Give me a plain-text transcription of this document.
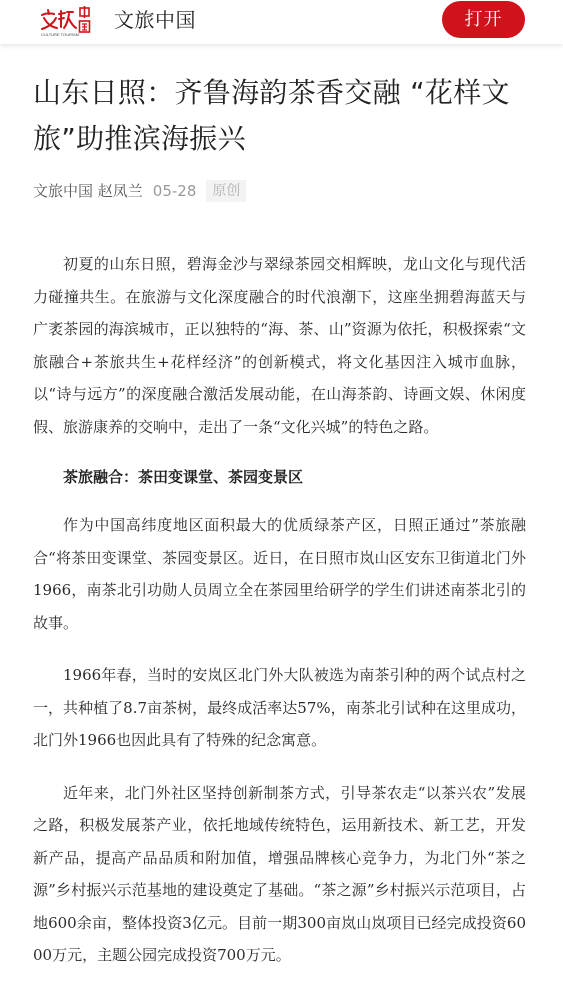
CULTURE TOURISM
文旅中国	打开
山东日照：齐鲁海韵茶香交融 “花样文旅”助推滨海振兴
文旅中国 赵凤兰 05-28 原创

初夏的山东日照，碧海金沙与翠绿茶园交相辉映，龙山文化与现代活力碰撞共生。在旅游与文化深度融合的时代浪潮下，这座坐拥碧海蓝天与广袤茶园的海滨城市，正以独特的“海、茶、山”资源为依托，积极探索“文旅融合+茶旅共生+花样经济”的创新模式，将文化基因注入城市血脉，以“诗与远方”的深度融合激活发展动能，在山海茶韵、诗画文娱、休闲度假、旅游康养的交响中，走出了一条“文化兴城”的特色之路。

茶旅融合：茶田变课堂、茶园变景区

作为中国高纬度地区面积最大的优质绿茶产区，日照正通过”茶旅融合“将茶田变课堂、茶园变景区。近日，在日照市岚山区安东卫街道北门外1966，南茶北引功勋人员周立全在茶园里给研学的学生们讲述南茶北引的故事。

1966年春，当时的安岚区北门外大队被选为南茶引种的两个试点村之一，共种植了8.7亩茶树，最终成活率达57%，南茶北引试种在这里成功，北门外1966也因此具有了特殊的纪念寓意。

近年来，北门外社区坚持创新制茶方式，引导茶农走“以茶兴农”发展之路，积极发展茶产业，依托地域传统特色，运用新技术、新工艺，开发新产品，提高产品品质和附加值，增强品牌核心竞争力，为北门外“茶之源”乡村振兴示范基地的建设奠定了基础。“茶之源”乡村振兴示范项目，占地600余亩，整体投资3亿元。目前一期300亩岚山岚项目已经完成投资6000万元，主题公园完成投资700万元。
